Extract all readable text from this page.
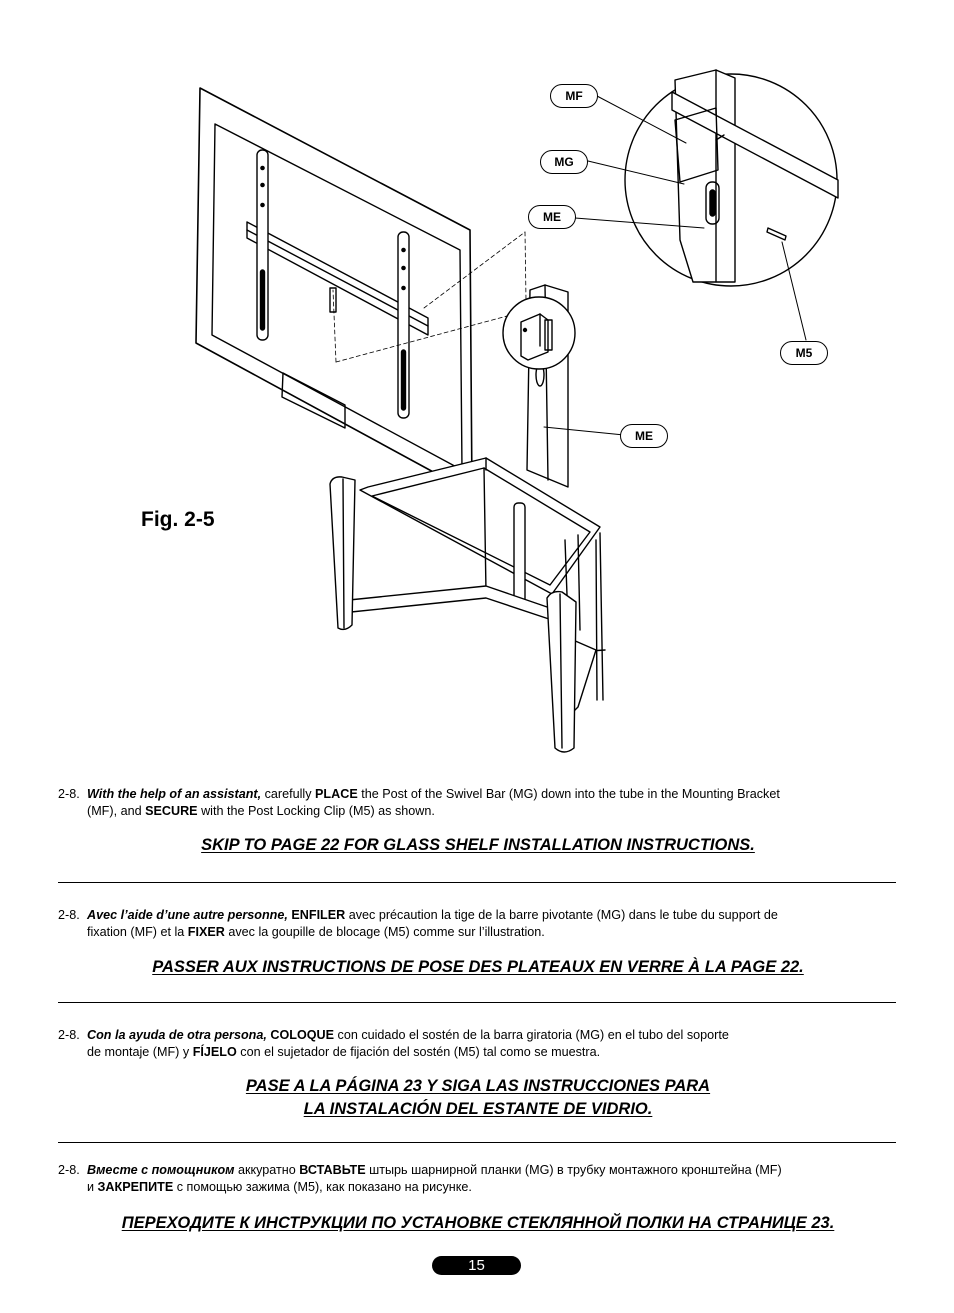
MF
MG
ME
M5
ME
Fig. 2-5
2-8. With the help of an assistant, carefully PLACE the Post of the Swivel Bar (MG) down into the tube in the Mounting Bracket
(MF), and SECURE with the Post Locking Clip (M5) as shown.
SKIP TO PAGE 22 FOR GLASS SHELF INSTALLATION INSTRUCTIONS.
2-8. Avec l’aide d’une autre personne, ENFILER avec précaution la tige de la barre pivotante (MG) dans le tube du support de
fixation (MF) et la FIXER avec la goupille de blocage (M5) comme sur l’illustration.
PASSER AUX INSTRUCTIONS DE POSE DES PLATEAUX EN VERRE À LA PAGE 22.
2-8. Con la ayuda de otra persona, COLOQUE con cuidado el sostén de la barra giratoria (MG) en el tubo del soporte
de montaje (MF) y FÍJELO con el sujetador de fijación del sostén (M5) tal como se muestra.
PASE A LA PÁGINA 23 Y SIGA LAS INSTRUCCIONES PARA
LA INSTALACIÓN DEL ESTANTE DE VIDRIO.
2-8. Вместе с помощником аккуратно ВСТАВЬТЕ штырь шарнирной планки (MG) в трубку монтажного кронштейна (MF)
и ЗАКРЕПИТЕ с помощью зажима (M5), как показано на рисунке.
ПЕРЕХОДИТЕ К ИНСТРУКЦИИ ПО УСТАНОВКЕ СТЕКЛЯННОЙ ПОЛКИ НА СТРАНИЦЕ 23.
15
